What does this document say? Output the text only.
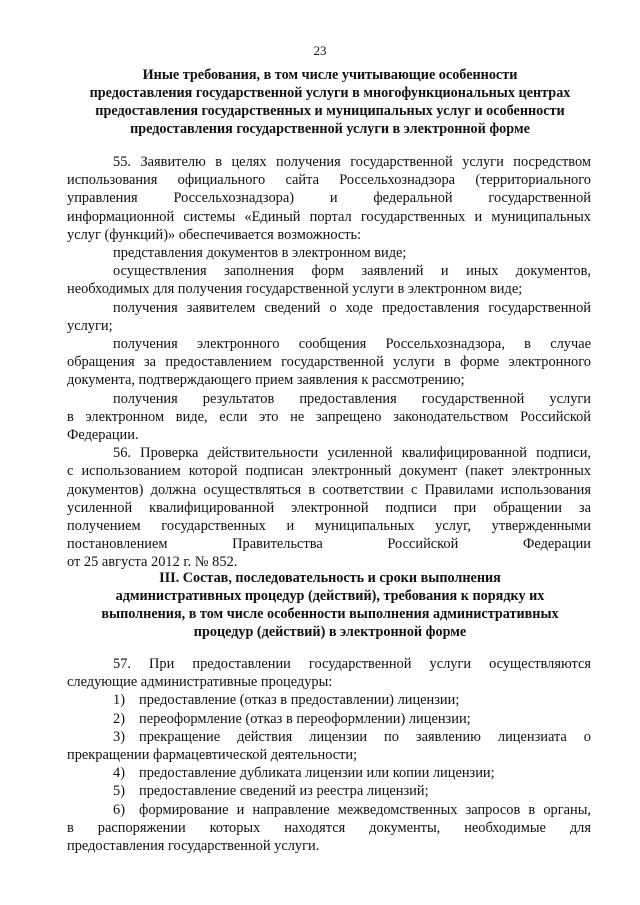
23
Иные требования, в том числе учитывающие особенности
предоставления государственной услуги в многофункциональных центрах
предоставления государственных и муниципальных услуг и особенности
предоставления государственной услуги в электронной форме
55. Заявителю в целях получения государственной услуги посредством
использования официального сайта Россельхознадзора (территориального
управления Россельхознадзора) и федеральной государственной
информационной системы «Единый портал государственных и муниципальных
услуг (функций)» обеспечивается возможность:
представления документов в электронном виде;
осуществления заполнения форм заявлений и иных документов,
необходимых для получения государственной услуги в электронном виде;
получения заявителем сведений о ходе предоставления государственной
услуги;
получения электронного сообщения Россельхознадзора, в случае
обращения за предоставлением государственной услуги в форме электронного
документа, подтверждающего прием заявления к рассмотрению;
получения результатов предоставления государственной услуги
в электронном виде, если это не запрещено законодательством Российской
Федерации.
56. Проверка действительности усиленной квалифицированной подписи,
с использованием которой подписан электронный документ (пакет электронных
документов) должна осуществляться в соответствии с Правилами использования
усиленной квалифицированной электронной подписи при обращении за
получением государственных и муниципальных услуг, утвержденными
постановлением Правительства Российской Федерации
от 25 августа 2012 г. № 852.
III. Состав, последовательность и сроки выполнения
административных процедур (действий), требования к порядку их
выполнения, в том числе особенности выполнения административных
процедур (действий) в электронной форме
57. При предоставлении государственной услуги осуществляются
следующие административные процедуры:
1) предоставление (отказ в предоставлении) лицензии;
2) переоформление (отказ в переоформлении) лицензии;
3) прекращение действия лицензии по заявлению лицензиата о
прекращении фармацевтической деятельности;
4) предоставление дубликата лицензии или копии лицензии;
5) предоставление сведений из реестра лицензий;
6) формирование и направление межведомственных запросов в органы,
в распоряжении которых находятся документы, необходимые для
предоставления государственной услуги.
